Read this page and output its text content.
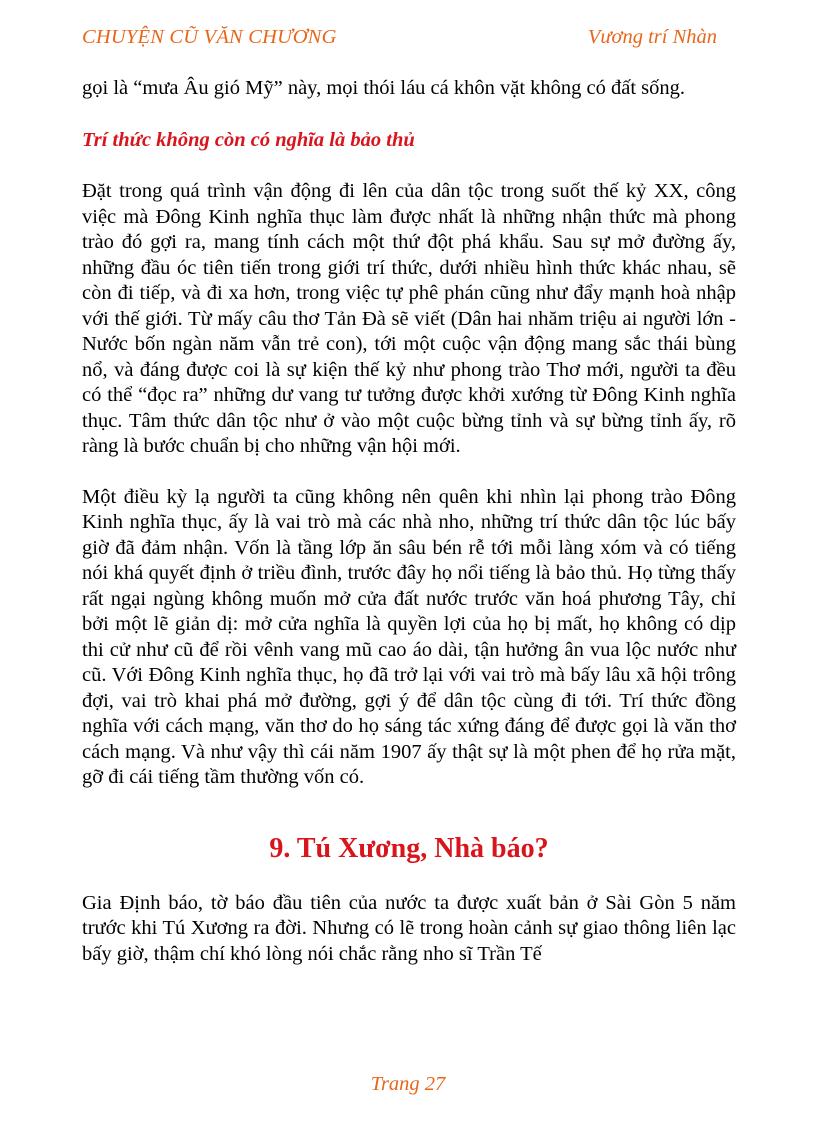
CHUYỆN CŨ VĂN CHƯƠNG	Vương trí Nhàn

gọi là “mưa Âu gió Mỹ” này, mọi thói láu cá khôn vặt không có đất sống.

Trí thức không còn có nghĩa là bảo thủ

Đặt trong quá trình vận động đi lên của dân tộc trong suốt thế kỷ XX, công việc mà Đông Kinh nghĩa thục làm được nhất là những nhận thức mà phong trào đó gợi ra, mang tính cách một thứ đột phá khẩu. Sau sự mở đường ấy, những đầu óc tiên tiến trong giới trí thức, dưới nhiều hình thức khác nhau, sẽ còn đi tiếp, và đi xa hơn, trong việc tự phê phán cũng như đẩy mạnh hoà nhập với thế giới. Từ mấy câu thơ Tản Đà sẽ viết (Dân hai nhăm triệu ai người lớn - Nước bốn ngàn năm vẫn trẻ con), tới một cuộc vận động mang sắc thái bùng nổ, và đáng được coi là sự kiện thế kỷ như phong trào Thơ mới, người ta đều có thể “đọc ra” những dư vang tư tưởng được khởi xướng từ Đông Kinh nghĩa thục. Tâm thức dân tộc như ở vào một cuộc bừng tỉnh và sự bừng tỉnh ấy, rõ ràng là bước chuẩn bị cho những vận hội mới.

Một điều kỳ lạ người ta cũng không nên quên khi nhìn lại phong trào Đông Kinh nghĩa thục, ấy là vai trò mà các nhà nho, những trí thức dân tộc lúc bấy giờ đã đảm nhận. Vốn là tầng lớp ăn sâu bén rễ tới mỗi làng xóm và có tiếng nói khá quyết định ở triều đình, trước đây họ nổi tiếng là bảo thủ. Họ từng thấy rất ngại ngùng không muốn mở cửa đất nước trước văn hoá phương Tây, chỉ bởi một lẽ giản dị: mở cửa nghĩa là quyền lợi của họ bị mất, họ không có dịp thi cử như cũ để rồi vênh vang mũ cao áo dài, tận hưởng ân vua lộc nước như cũ. Với Đông Kinh nghĩa thục, họ đã trở lại với vai trò mà bấy lâu xã hội trông đợi, vai trò khai phá mở đường, gợi ý để dân tộc cùng đi tới. Trí thức đồng nghĩa với cách mạng, văn thơ do họ sáng tác xứng đáng để được gọi là văn thơ cách mạng. Và như vậy thì cái năm 1907 ấy thật sự là một phen để họ rửa mặt, gỡ đi cái tiếng tầm thường vốn có.

9. Tú Xương, Nhà báo?

Gia Định báo, tờ báo đầu tiên của nước ta được xuất bản ở Sài Gòn 5 năm trước khi Tú Xương ra đời. Nhưng có lẽ trong hoàn cảnh sự giao thông liên lạc bấy giờ, thậm chí khó lòng nói chắc rằng nho sĩ Trần Tế

Trang 27
